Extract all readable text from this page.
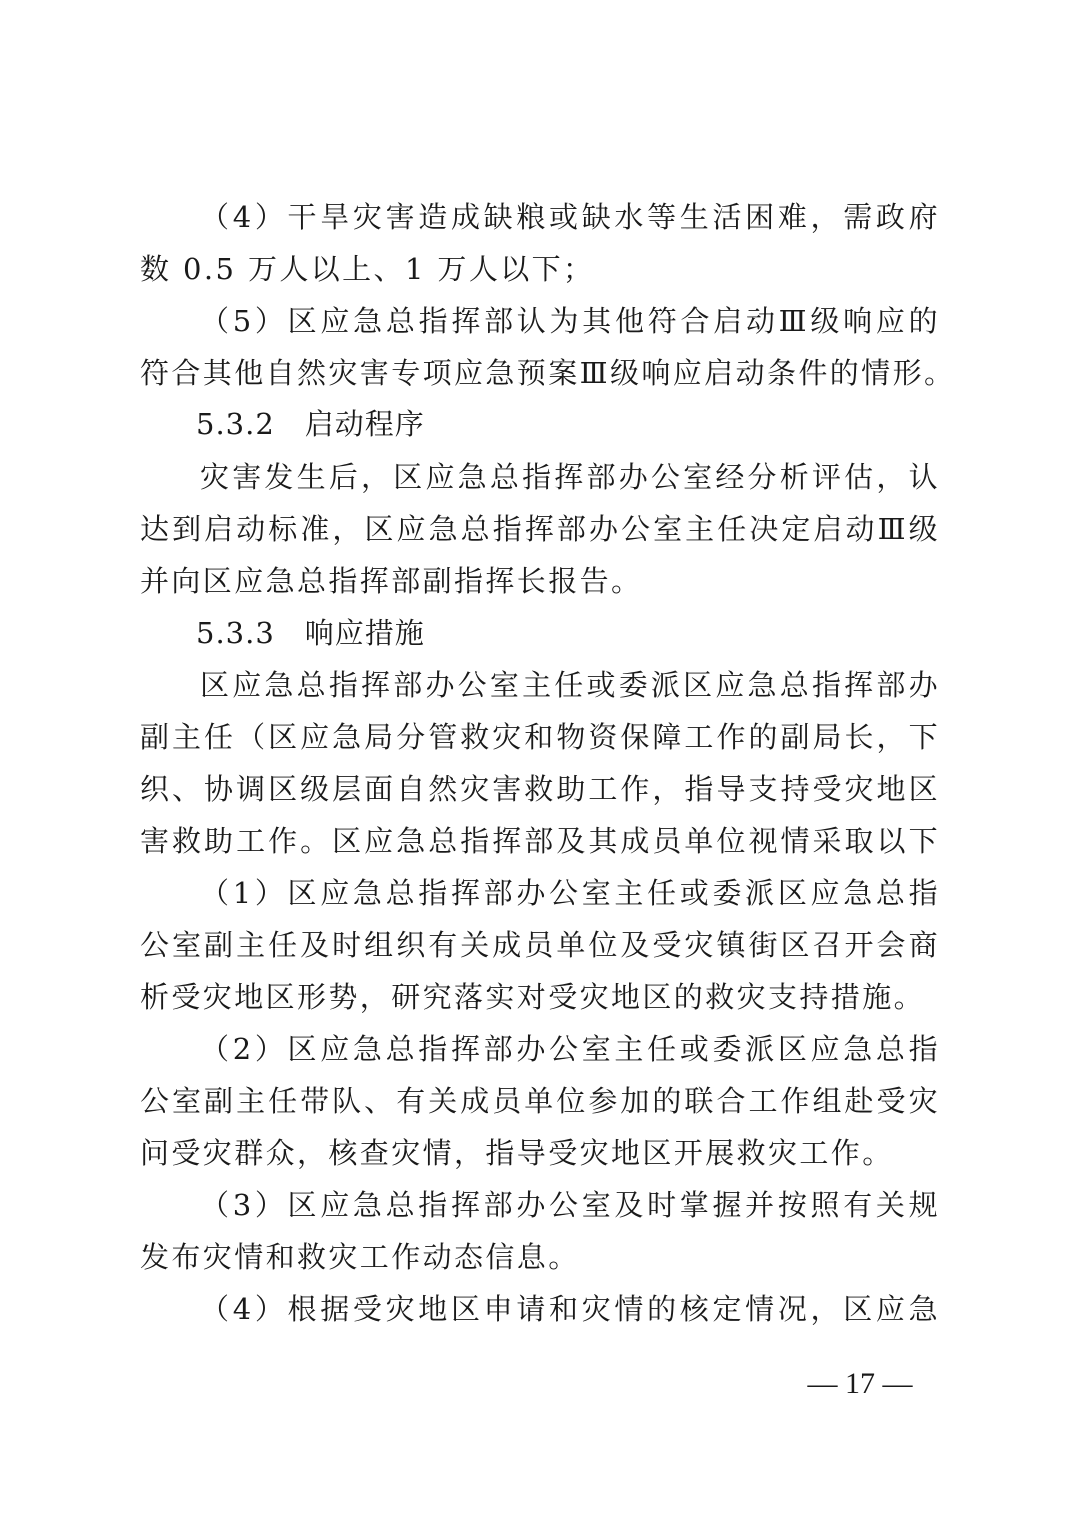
（4）干旱灾害造成缺粮或缺水等生活困难，需政府
数 0.5 万人以上、1 万人以下；
（5）区应急总指挥部认为其他符合启动Ⅲ级响应的
符合其他自然灾害专项应急预案Ⅲ级响应启动条件的情形。
5.3.2　启动程序
灾害发生后，区应急总指挥部办公室经分析评估，认
达到启动标准，区应急总指挥部办公室主任决定启动Ⅲ级
并向区应急总指挥部副指挥长报告。
5.3.3　响应措施
区应急总指挥部办公室主任或委派区应急总指挥部办
副主任（区应急局分管救灾和物资保障工作的副局长，下
织、协调区级层面自然灾害救助工作，指导支持受灾地区
害救助工作。区应急总指挥部及其成员单位视情采取以下
（1）区应急总指挥部办公室主任或委派区应急总指
公室副主任及时组织有关成员单位及受灾镇街区召开会商
析受灾地区形势，研究落实对受灾地区的救灾支持措施。
（2）区应急总指挥部办公室主任或委派区应急总指
公室副主任带队、有关成员单位参加的联合工作组赴受灾
问受灾群众，核查灾情，指导受灾地区开展救灾工作。
（3）区应急总指挥部办公室及时掌握并按照有关规
发布灾情和救灾工作动态信息。
（4）根据受灾地区申请和灾情的核定情况，区应急
— 17 —
